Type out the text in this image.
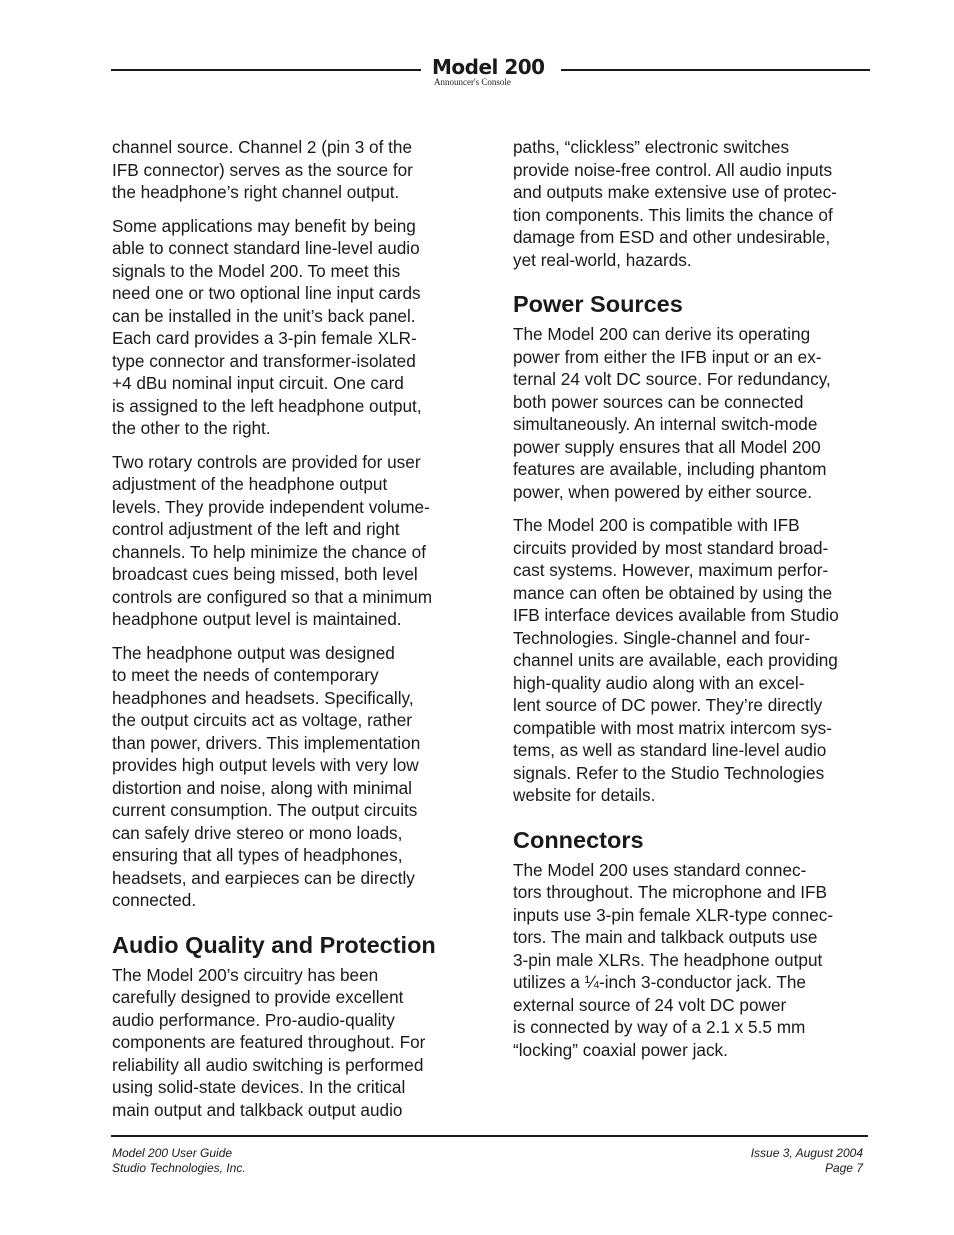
Model 200
Announcer's Console

channel source. Channel 2 (pin 3 of the
IFB connector) serves as the source for
the headphone’s right channel output.

Some applications may benefit by being
able to connect standard line-level audio
signals to the Model 200. To meet this
need one or two optional line input cards
can be installed in the unit’s back panel.
Each card provides a 3-pin female XLR-
type connector and transformer-isolated
+4 dBu nominal input circuit. One card
is assigned to the left headphone output,
the other to the right.

Two rotary controls are provided for user
adjustment of the headphone output
levels. They provide independent volume-
control adjustment of the left and right
channels. To help minimize the chance of
broadcast cues being missed, both level
controls are configured so that a minimum
headphone output level is maintained.

The headphone output was designed
to meet the needs of contemporary
headphones and headsets. Specifically,
the output circuits act as voltage, rather
than power, drivers. This implementation
provides high output levels with very low
distortion and noise, along with minimal
current consumption. The output circuits
can safely drive stereo or mono loads,
ensuring that all types of headphones,
headsets, and earpieces can be directly
connected.

Audio Quality and Protection

The Model 200’s circuitry has been
carefully designed to provide excellent
audio performance. Pro-audio-quality
components are featured throughout. For
reliability all audio switching is performed
using solid-state devices. In the critical
main output and talkback output audio

paths, “clickless” electronic switches
provide noise-free control. All audio inputs
and outputs make extensive use of protec-
tion components. This limits the chance of
damage from ESD and other undesirable,
yet real-world, hazards.

Power Sources

The Model 200 can derive its operating
power from either the IFB input or an ex-
ternal 24 volt DC source. For redundancy,
both power sources can be connected
simultaneously. An internal switch-mode
power supply ensures that all Model 200
features are available, including phantom
power, when powered by either source.

The Model 200 is compatible with IFB
circuits provided by most standard broad-
cast systems. However, maximum perfor-
mance can often be obtained by using the
IFB interface devices available from Studio
Technologies. Single-channel and four-
channel units are available, each providing
high-quality audio along with an excel-
lent source of DC power. They’re directly
compatible with most matrix intercom sys-
tems, as well as standard line-level audio
signals. Refer to the Studio Technologies
website for details.

Connectors

The Model 200 uses standard connec-
tors throughout. The microphone and IFB
inputs use 3-pin female XLR-type connec-
tors. The main and talkback outputs use
3-pin male XLRs. The headphone output
utilizes a ¼-inch 3-conductor jack. The
external source of 24 volt DC power
is connected by way of a 2.1 x 5.5 mm
“locking” coaxial power jack.

Model 200 User Guide
Studio Technologies, Inc.
Issue 3, August 2004
Page 7
